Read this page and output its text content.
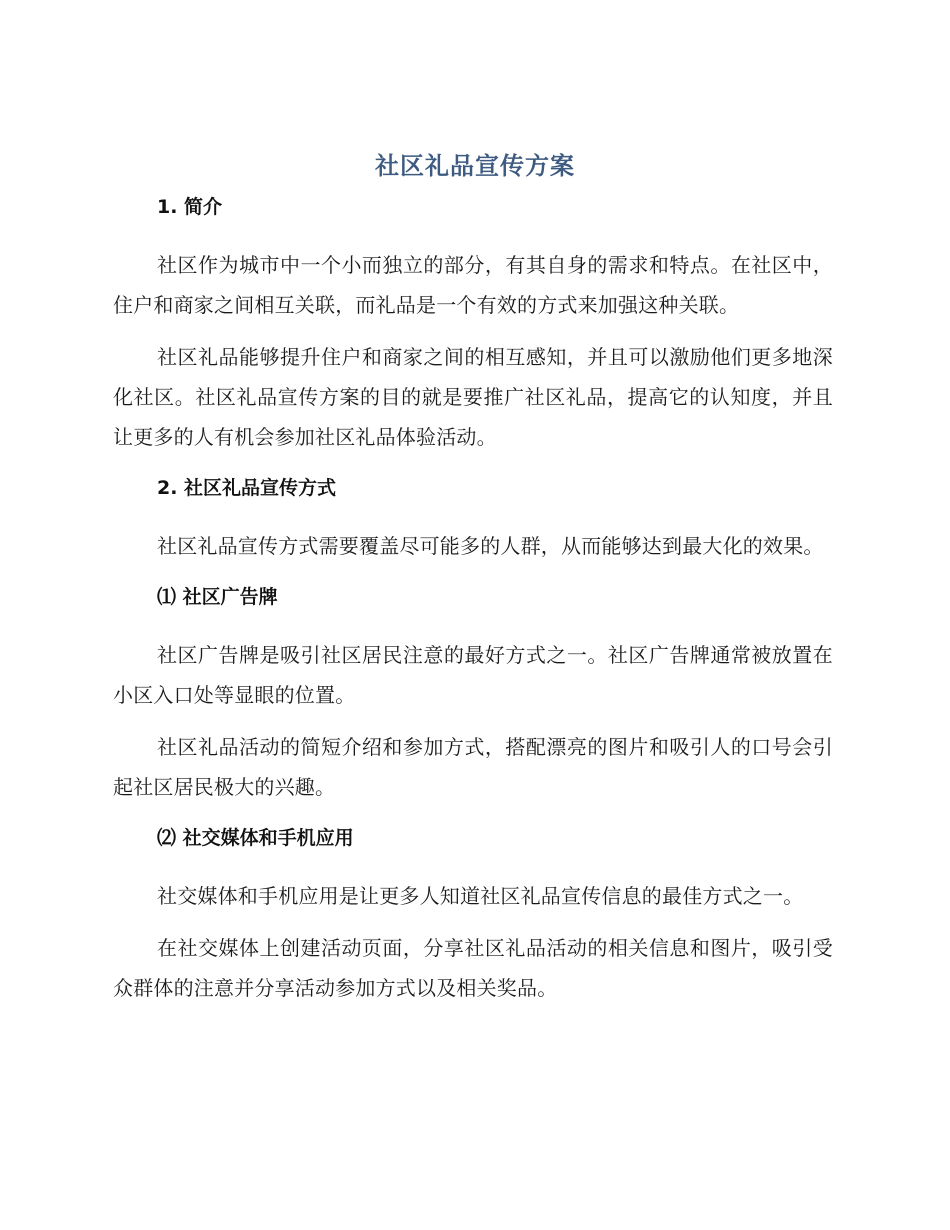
社区礼品宣传方案
1. 简介

社区作为城市中一个小而独立的部分，有其自身的需求和特点。在社区中，住户和商家之间相互关联，而礼品是一个有效的方式来加强这种关联。

社区礼品能够提升住户和商家之间的相互感知，并且可以激励他们更多地深化社区。社区礼品宣传方案的目的就是要推广社区礼品，提高它的认知度，并且让更多的人有机会参加社区礼品体验活动。

2. 社区礼品宣传方式

社区礼品宣传方式需要覆盖尽可能多的人群，从而能够达到最大化的效果。

⑴ 社区广告牌

社区广告牌是吸引社区居民注意的最好方式之一。社区广告牌通常被放置在小区入口处等显眼的位置。

社区礼品活动的简短介绍和参加方式，搭配漂亮的图片和吸引人的口号会引起社区居民极大的兴趣。

⑵ 社交媒体和手机应用

社交媒体和手机应用是让更多人知道社区礼品宣传信息的最佳方式之一。

在社交媒体上创建活动页面，分享社区礼品活动的相关信息和图片，吸引受众群体的注意并分享活动参加方式以及相关奖品。
